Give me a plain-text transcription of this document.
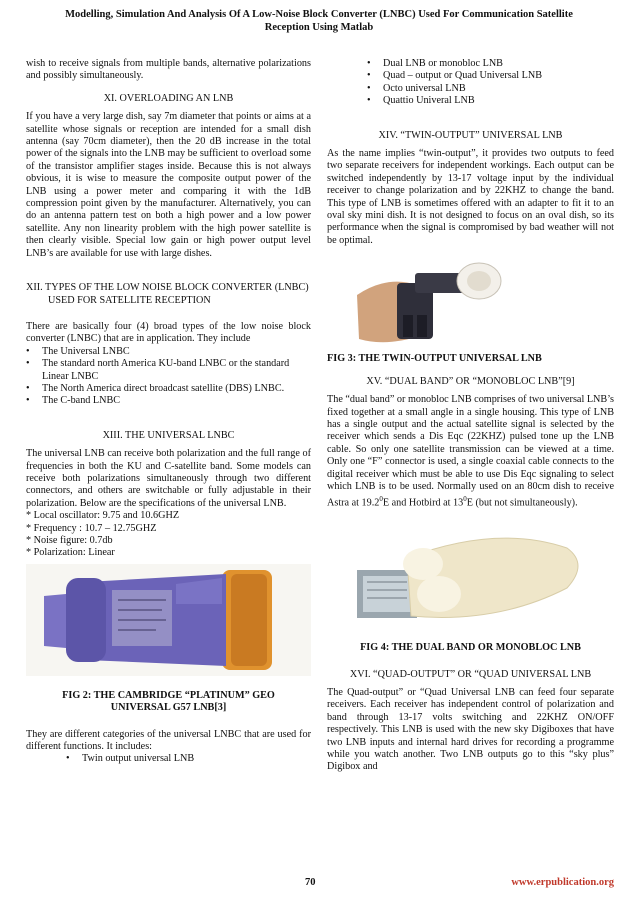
Modelling, Simulation And Analysis Of A Low-Noise Block Converter (LNBC) Used For Communication Satellite
Reception Using Matlab

wish to receive signals from multiple bands, alternative polarizations and possibly simultaneously.

XI. OVERLOADING AN LNB

If you have a very large dish, say 7m diameter that points or aims at a satellite whose signals or reception are intended for a small dish antenna (say 70cm diameter), then the 20 dB increase in the total power of the signals into the LNB may be sufficient to overload some of the transistor amplifier stages inside. Because this is not always obvious, it is wise to measure the composite output power of the LNB using a power meter and comparing it with the 1dB compression point given by the manufacturer. Alternatively, you can do an antenna pattern test on both a high power and a low power satellite. Any non linearity problem with the high power satellite is then clearly visible. Special low gain or high power output level LNB’s are available for use with large dishes.

XII. TYPES OF THE LOW NOISE BLOCK CONVERTER (LNBC) USED FOR SATELLITE RECEPTION

There are basically four (4) broad types of the low noise block converter (LNBC) that are in application. They include

•	The Universal LNBC
•	The standard north America KU-band LNBC or the standard Linear LNBC
•	The North America direct broadcast satellite (DBS) LNBC.
•	The C-band LNBC

XIII. THE UNIVERSAL LNBC

The universal LNB can receive both polarization and the full range of frequencies in both the KU and C-satellite band. Some models can receive both polarizations simultaneously through two different connectors, and others are switchable or fully adjustable in their polarization. Below are the specifications of the universal LNB.

* Local oscillator: 9.75 and 10.6GHZ
* Frequency : 10.7 – 12.75GHZ
* Noise figure: 0.7db
* Polarization: Linear

FIG 2: THE CAMBRIDGE “PLATINUM” GEO
UNIVERSAL G57 LNB[3]

They are different categories of the universal LNBC that are used for different functions. It includes:

•	Twin output universal LNB
•	Dual LNB or monobloc LNB
•	Quad – output or Quad Universal LNB
•	Octo universal LNB
•	Quattio Univeral LNB

XIV. “TWIN-OUTPUT” UNIVERSAL LNB

As the name implies “twin-output”, it provides two outputs to feed two separate receivers for independent workings. Each output can be switched independently by 13-17 voltage input by the individual receiver to change polarization and by 22KHZ to change the band. This type of LNB is sometimes offered with an adapter to fit it to an oval sky mini dish. It is not designed to focus on an oval dish, so its performance when the signal is compromised by bad weather will not be optimal.

FIG 3: THE TWIN-OUTPUT UNIVERSAL LNB

XV. “DUAL BAND” OR “MONOBLOC LNB”[9]

The “dual band” or monobloc LNB comprises of two universal LNB’s fixed together at a small angle in a single housing. This type of LNB has a single output and the actual satellite signal is selected by the receiver which sends a Dis Eqc (22KHZ) pulsed tone up the LNB cable. So only one satellite transmission can be viewed at a time. Only one “F” connector is used, a single coaxial cable connects to the digital receiver which must be able to use Dis Eqc signaling to select which LNB is to be used. Normally used on an 80cm dish to receive Astra at 19.2$^0$E and Hotbird at $13^0E$ (but not simultaneously).

FIG 4: THE DUAL BAND OR MONOBLOC LNB

XVI. “QUAD-OUTPUT” OR “QUAD UNIVERSAL LNB

The Quad-output” or “Quad Universal LNB can feed four separate receivers. Each receiver has independent control of polarization and band through 13-17 volts switching and 22KHZ ON/OFF respectively. This LNB is used with the new sky Digiboxes that have two LNB inputs and internal hard drives for recording a programme while you watch another. Two LNB outputs go to this “sky plus” Digibox and

70	www.erpublication.org
